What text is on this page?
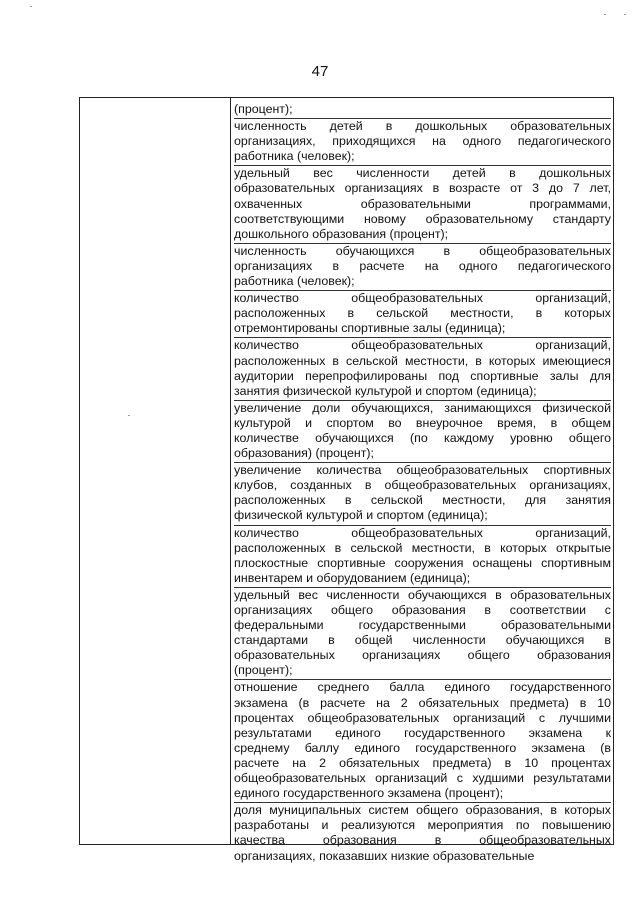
47
(процент);
численность детей в дошкольных образовательных
организациях, приходящихся на одного педагогического
работника (человек);
удельный вес численности детей в дошкольных
образовательных организациях в возрасте от 3 до 7 лет,
охваченных образовательными программами,
соответствующими новому образовательному стандарту
дошкольного образования (процент);
численность обучающихся в общеобразовательных
организациях в расчете на одного педагогического
работника (человек);
количество общеобразовательных организаций,
расположенных в сельской местности, в которых
отремонтированы спортивные залы (единица);
количество общеобразовательных организаций,
расположенных в сельской местности, в которых имеющиеся
аудитории перепрофилированы под спортивные залы для
занятия физической культурой и спортом (единица);
увеличение доли обучающихся, занимающихся физической
культурой и спортом во внеурочное время, в общем
количестве обучающихся (по каждому уровню общего
образования) (процент);
увеличение количества общеобразовательных спортивных
клубов, созданных в общеобразовательных организациях,
расположенных в сельской местности, для занятия
физической культурой и спортом (единица);
количество общеобразовательных организаций,
расположенных в сельской местности, в которых открытые
плоскостные спортивные сооружения оснащены спортивным
инвентарем и оборудованием (единица);
удельный вес численности обучающихся в образовательных
организациях общего образования в соответствии с
федеральными государственными образовательными
стандартами в общей численности обучающихся в
образовательных организациях общего образования
(процент);
отношение среднего балла единого государственного
экзамена (в расчете на 2 обязательных предмета) в 10
процентах общеобразовательных организаций с лучшими
результатами единого государственного экзамена к
среднему баллу единого государственного экзамена (в
расчете на 2 обязательных предмета) в 10 процентах
общеобразовательных организаций с худшими результатами
единого государственного экзамена (процент);
доля муниципальных систем общего образования, в которых
разработаны и реализуются мероприятия по повышению
качества образования в общеобразовательных
организациях, показавших низкие образовательные
